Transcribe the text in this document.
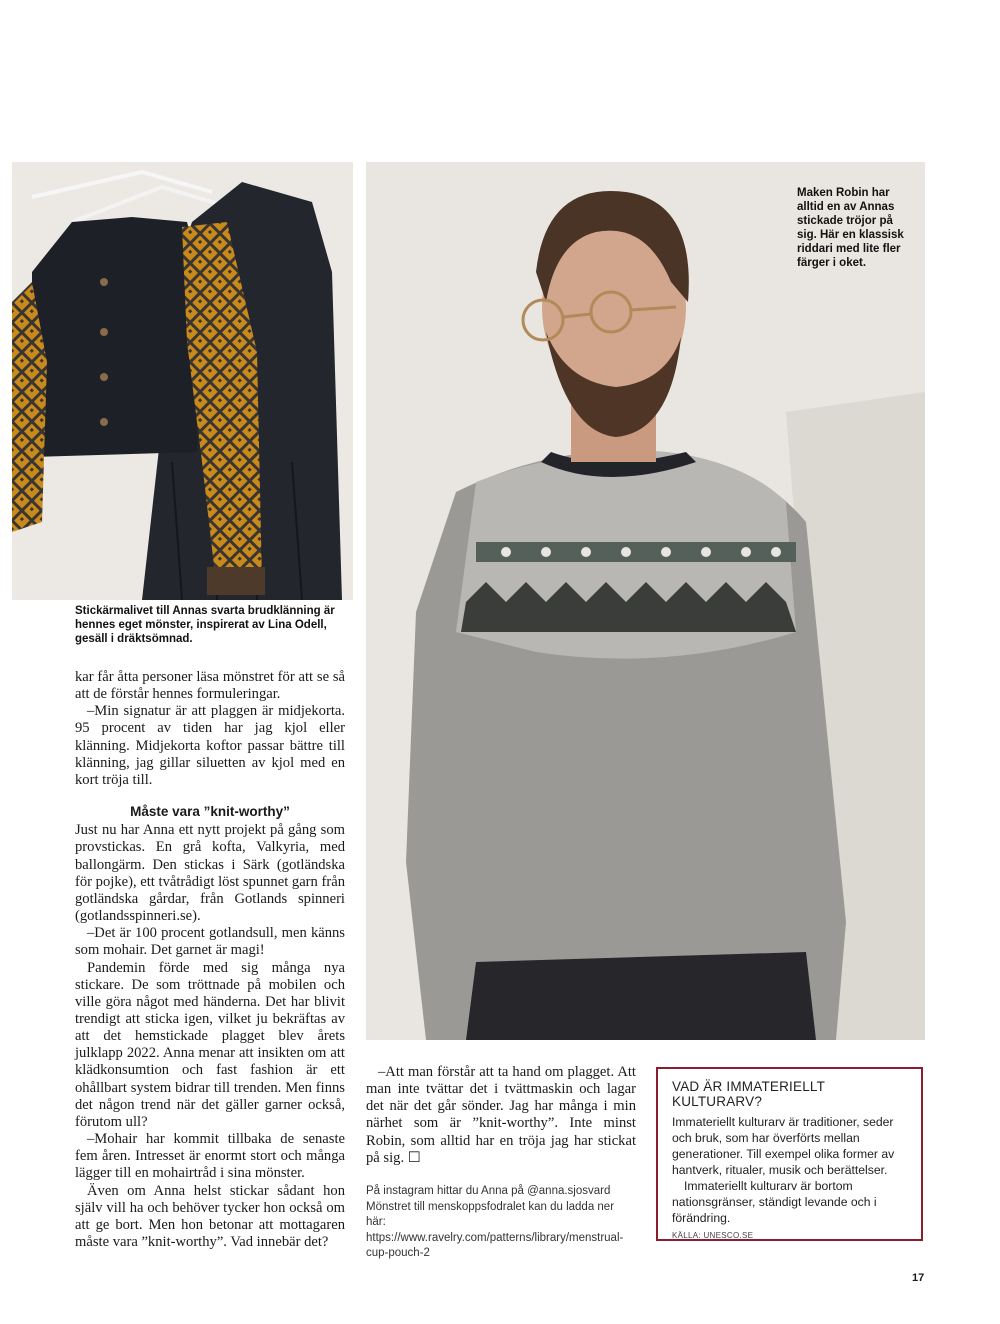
Stickärmalivet till Annas svarta brudklänning är hennes eget mönster, inspirerat av Lina Odell, gesäll i dräktsömnad.
Maken Robin har alltid en av Annas stickade tröjor på sig. Här en klassisk riddari med lite fler färger i oket.

kar får åtta personer läsa mönstret för att se så att de förstår hennes formuleringar.

–Min signatur är att plaggen är midjekorta. 95 procent av tiden har jag kjol eller klänning. Midjekorta koftor passar bättre till klänning, jag gillar siluetten av kjol med en kort tröja till.

Måste vara ”knit-worthy”

Just nu har Anna ett nytt projekt på gång som provstickas. En grå kofta, Valkyria, med ballongärm. Den stickas i Särk (gotländska för pojke), ett tvåtrådigt löst spunnet garn från gotländska gårdar, från Gotlands spinneri (gotlandsspinneri.se).

–Det är 100 procent gotlandsull, men känns som mohair. Det garnet är magi!

Pandemin förde med sig många nya stickare. De som tröttnade på mobilen och ville göra något med händerna. Det har blivit trendigt att sticka igen, vilket ju bekräftas av att det hemstickade plagget blev årets julklapp 2022. Anna menar att insikten om att klädkonsumtion och fast fashion är ett ohållbart system bidrar till trenden. Men finns det någon trend när det gäller garner också, förutom ull?

–Mohair har kommit tillbaka de senaste fem åren. Intresset är enormt stort och många lägger till en mohairtråd i sina mönster.

Även om Anna helst stickar sådant hon själv vill ha och behöver tycker hon också om att ge bort. Men hon betonar att mottagaren måste vara ”knit-worthy”. Vad innebär det?

–Att man förstår att ta hand om plagget. Att man inte tvättar det i tvättmaskin och lagar det när det går sönder. Jag har många i min närhet som är ”knit-worthy”. Inte minst Robin, som alltid har en tröja jag har stickat på sig. ☐

På instagram hittar du Anna på @anna.sjosvard Mönstret till menskoppsfodralet kan du ladda ner här: https://www.ravelry.com/patterns/library/menstrual-cup-pouch-2
VAD ÄR IMMATERIELLT KULTURARV?

Immateriellt kulturarv är traditioner, seder och bruk, som har överförts mellan generationer. Till exempel olika former av hantverk, ritualer, musik och berättelser.

Immateriellt kulturarv är bortom nationsgränser, ständigt levande och i förändring.

KÄLLA: UNESCO.SE
17
